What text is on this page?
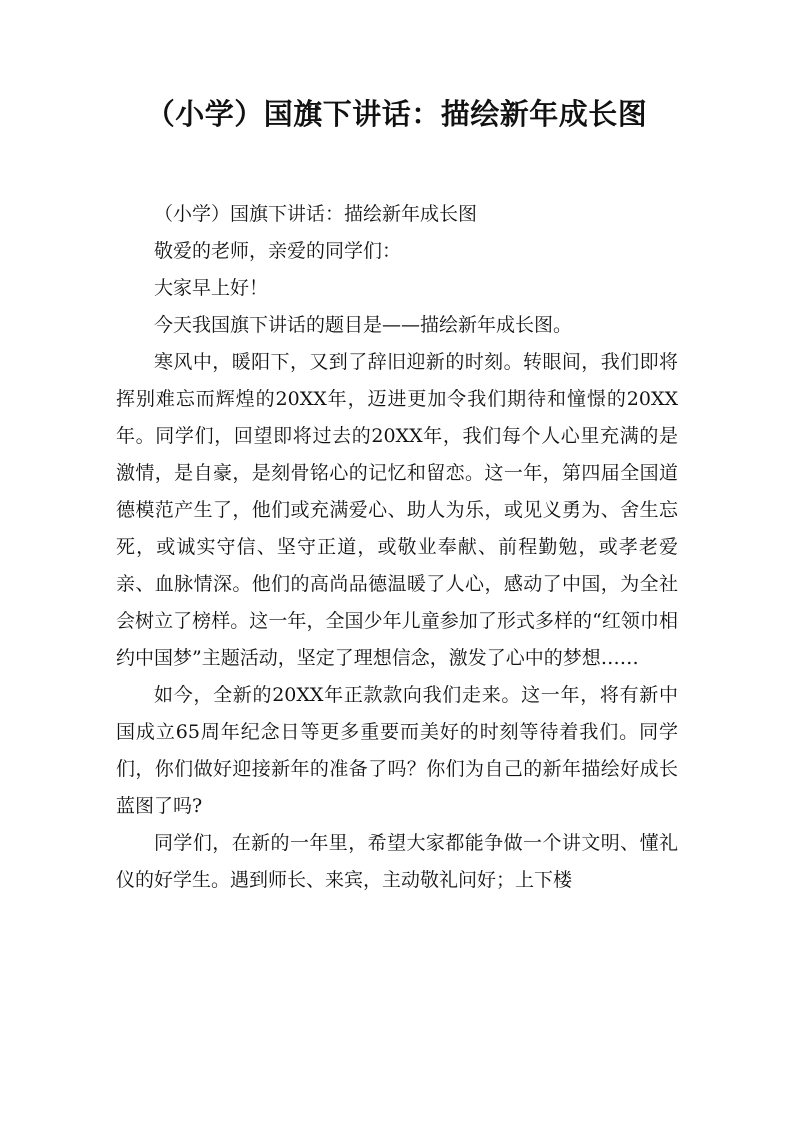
（小学）国旗下讲话：描绘新年成长图

（小学）国旗下讲话：描绘新年成长图

敬爱的老师，亲爱的同学们：

大家早上好！

今天我国旗下讲话的题目是——描绘新年成长图。

寒风中，暖阳下，又到了辞旧迎新的时刻。转眼间，我们即将挥别难忘而辉煌的20XX年，迈进更加令我们期待和憧憬的20XX年。同学们，回望即将过去的20XX年，我们每个人心里充满的是激情，是自豪，是刻骨铭心的记忆和留恋。这一年，第四届全国道德模范产生了，他们或充满爱心、助人为乐，或见义勇为、舍生忘死，或诚实守信、坚守正道，或敬业奉献、前程勤勉，或孝老爱亲、血脉情深。他们的高尚品德温暖了人心，感动了中国，为全社会树立了榜样。这一年，全国少年儿童参加了形式多样的“红领巾相约中国梦”主题活动，坚定了理想信念，激发了心中的梦想……

如今，全新的20XX年正款款向我们走来。这一年，将有新中国成立65周年纪念日等更多重要而美好的时刻等待着我们。同学们，你们做好迎接新年的准备了吗？你们为自己的新年描绘好成长蓝图了吗?

同学们，在新的一年里，希望大家都能争做一个讲文明、懂礼仪的好学生。遇到师长、来宾，主动敬礼问好；上下楼
